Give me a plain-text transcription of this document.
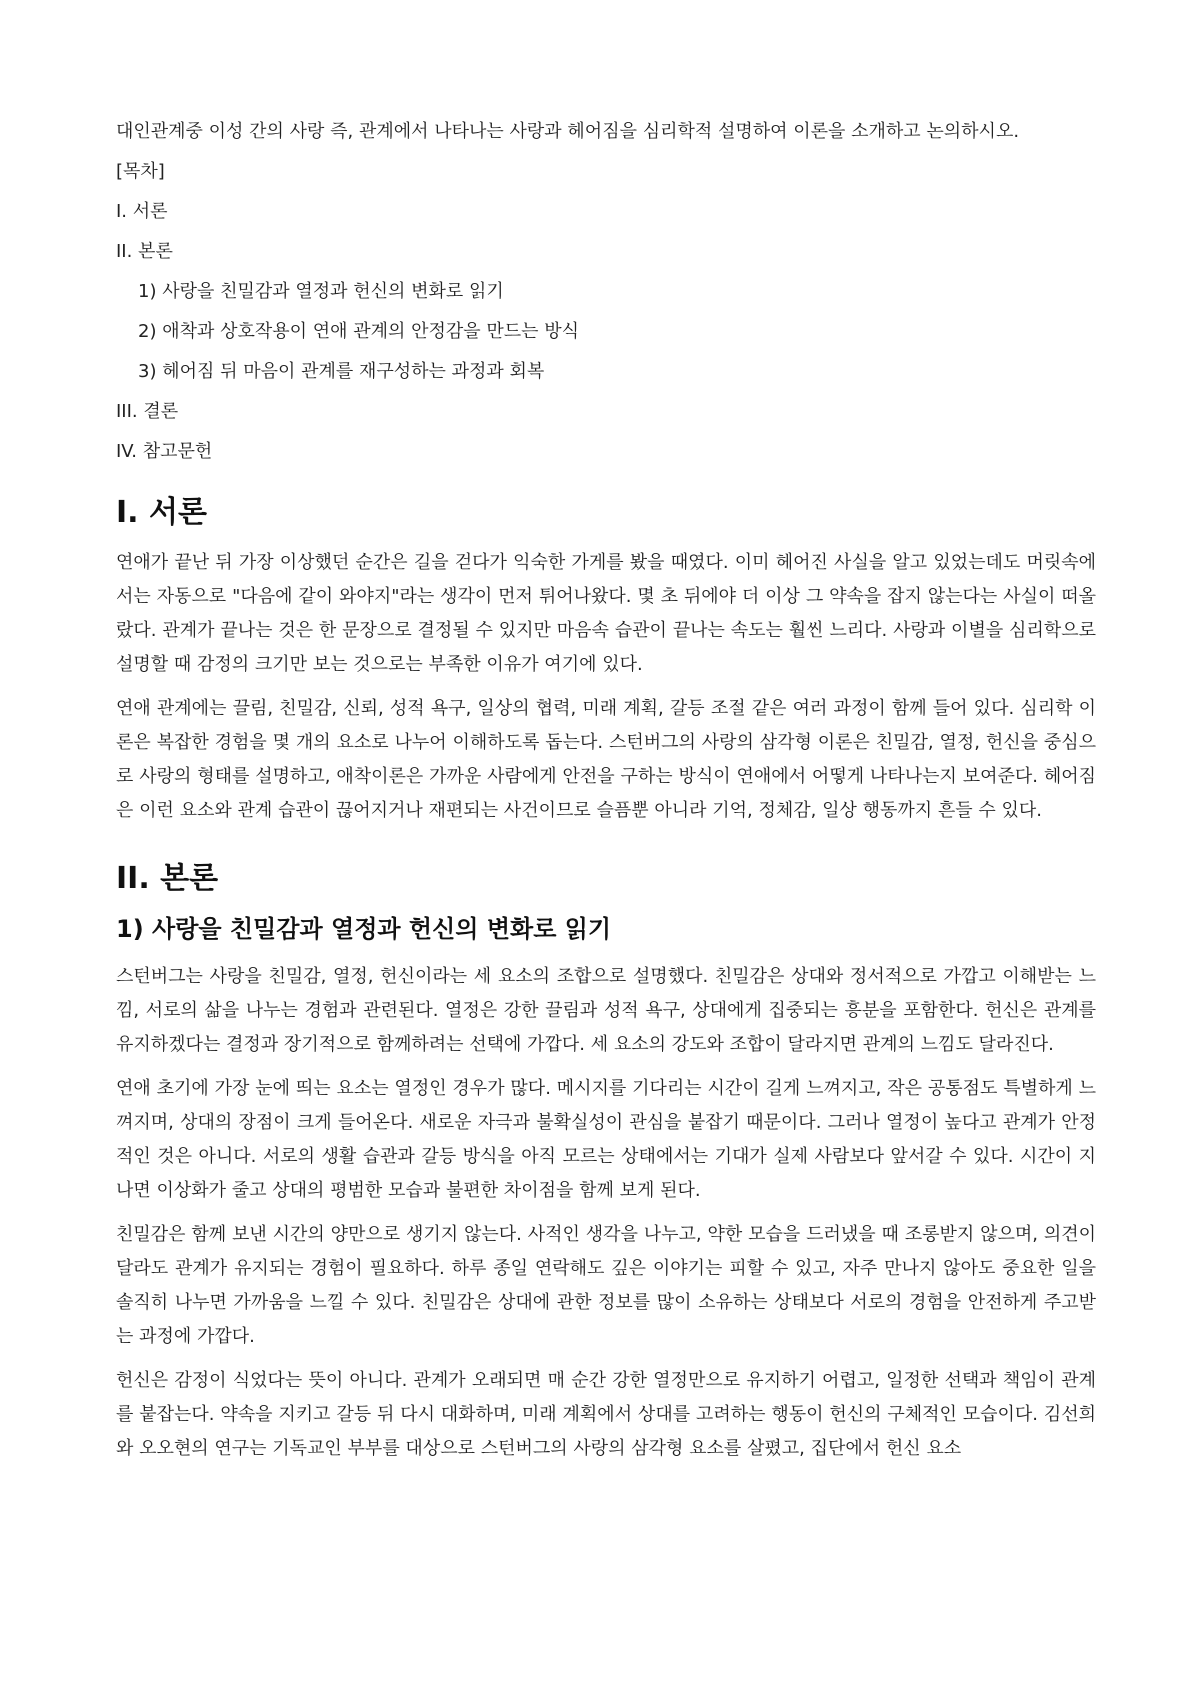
대인관계중 이성 간의 사랑 즉, 관계에서 나타나는 사랑과 헤어짐을 심리학적 설명하여 이론을 소개하고 논의하시오.

[목차]
I. 서론
II. 본론
1) 사랑을 친밀감과 열정과 헌신의 변화로 읽기
2) 애착과 상호작용이 연애 관계의 안정감을 만드는 방식
3) 헤어짐 뒤 마음이 관계를 재구성하는 과정과 회복
III. 결론
IV. 참고문헌
I. 서론

연애가 끝난 뒤 가장 이상했던 순간은 길을 걷다가 익숙한 가게를 봤을 때였다. 이미 헤어진 사실을 알고 있었는데도 머릿속에서는 자동으로 "다음에 같이 와야지"라는 생각이 먼저 튀어나왔다. 몇 초 뒤에야 더 이상 그 약속을 잡지 않는다는 사실이 떠올랐다. 관계가 끝나는 것은 한 문장으로 결정될 수 있지만 마음속 습관이 끝나는 속도는 훨씬 느리다. 사랑과 이별을 심리학으로 설명할 때 감정의 크기만 보는 것으로는 부족한 이유가 여기에 있다.

연애 관계에는 끌림, 친밀감, 신뢰, 성적 욕구, 일상의 협력, 미래 계획, 갈등 조절 같은 여러 과정이 함께 들어 있다. 심리학 이론은 복잡한 경험을 몇 개의 요소로 나누어 이해하도록 돕는다. 스턴버그의 사랑의 삼각형 이론은 친밀감, 열정, 헌신을 중심으로 사랑의 형태를 설명하고, 애착이론은 가까운 사람에게 안전을 구하는 방식이 연애에서 어떻게 나타나는지 보여준다. 헤어짐은 이런 요소와 관계 습관이 끊어지거나 재편되는 사건이므로 슬픔뿐 아니라 기억, 정체감, 일상 행동까지 흔들 수 있다.

II. 본론
1) 사랑을 친밀감과 열정과 헌신의 변화로 읽기

스턴버그는 사랑을 친밀감, 열정, 헌신이라는 세 요소의 조합으로 설명했다. 친밀감은 상대와 정서적으로 가깝고 이해받는 느낌, 서로의 삶을 나누는 경험과 관련된다. 열정은 강한 끌림과 성적 욕구, 상대에게 집중되는 흥분을 포함한다. 헌신은 관계를 유지하겠다는 결정과 장기적으로 함께하려는 선택에 가깝다. 세 요소의 강도와 조합이 달라지면 관계의 느낌도 달라진다.

연애 초기에 가장 눈에 띄는 요소는 열정인 경우가 많다. 메시지를 기다리는 시간이 길게 느껴지고, 작은 공통점도 특별하게 느껴지며, 상대의 장점이 크게 들어온다. 새로운 자극과 불확실성이 관심을 붙잡기 때문이다. 그러나 열정이 높다고 관계가 안정적인 것은 아니다. 서로의 생활 습관과 갈등 방식을 아직 모르는 상태에서는 기대가 실제 사람보다 앞서갈 수 있다. 시간이 지나면 이상화가 줄고 상대의 평범한 모습과 불편한 차이점을 함께 보게 된다.

친밀감은 함께 보낸 시간의 양만으로 생기지 않는다. 사적인 생각을 나누고, 약한 모습을 드러냈을 때 조롱받지 않으며, 의견이 달라도 관계가 유지되는 경험이 필요하다. 하루 종일 연락해도 깊은 이야기는 피할 수 있고, 자주 만나지 않아도 중요한 일을 솔직히 나누면 가까움을 느낄 수 있다. 친밀감은 상대에 관한 정보를 많이 소유하는 상태보다 서로의 경험을 안전하게 주고받는 과정에 가깝다.

헌신은 감정이 식었다는 뜻이 아니다. 관계가 오래되면 매 순간 강한 열정만으로 유지하기 어렵고, 일정한 선택과 책임이 관계를 붙잡는다. 약속을 지키고 갈등 뒤 다시 대화하며, 미래 계획에서 상대를 고려하는 행동이 헌신의 구체적인 모습이다. 김선희와 오오현의 연구는 기독교인 부부를 대상으로 스턴버그의 사랑의 삼각형 요소를 살폈고, 집단에서 헌신 요소
